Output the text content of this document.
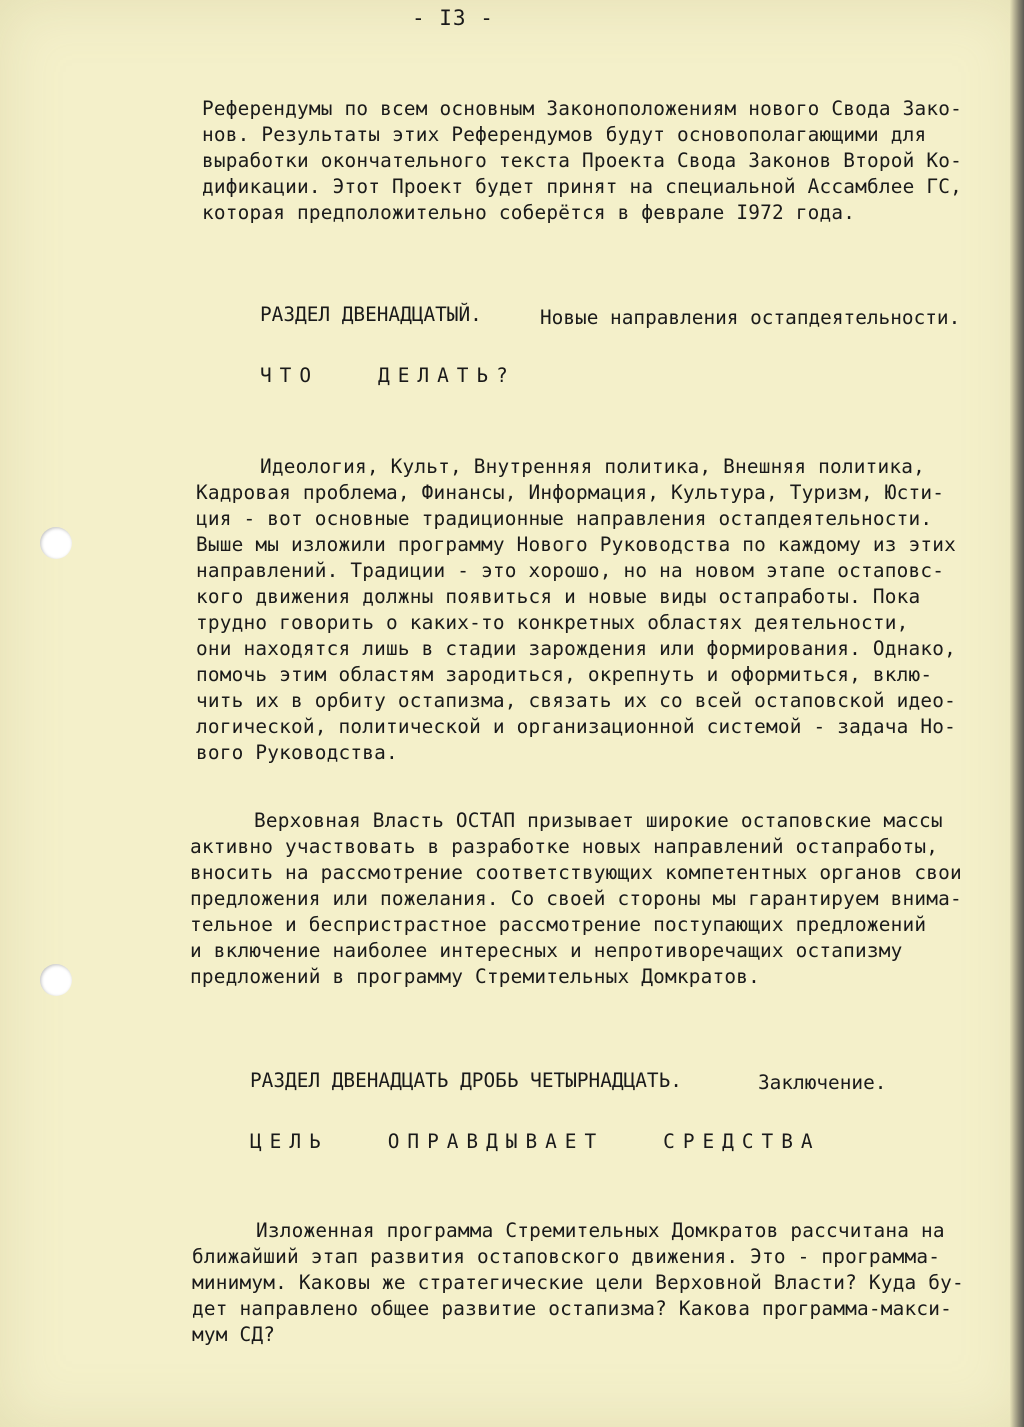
- I3 -
Референдумы по всем основным Законоположениям нового Свода Зако-
нов. Результаты этих Референдумов будут основополагающими для
выработки окончательного текста Проекта Свода Законов Второй Ко-
дификации. Этот Проект будет принят на специальной Ассамблее ГС,
которая предположительно соберётся в феврале I972 года.
РАЗДЕЛ ДВЕНАДЦАТЫЙ.	Новые направления остапдеятельности.
ЧТО   ДЕЛАТЬ?
Идеология, Культ, Внутренняя политика, Внешняя политика,
Кадровая проблема, Финансы, Информация, Культура, Туризм, Юсти-
ция - вот основные традиционные направления остапдеятельности.
Выше мы изложили программу Нового Руководства по каждому из этих
направлений. Традиции - это хорошо, но на новом этапе остаповс-
кого движения должны появиться и новые виды остапработы. Пока
трудно говорить о каких-то конкретных областях деятельности,
они находятся лишь в стадии зарождения или формирования. Однако,
помочь этим областям зародиться, окрепнуть и оформиться, вклю-
чить их в орбиту остапизма, связать их со всей остаповской идео-
логической, политической и организационной системой - задача Но-
вого Руководства.
Верховная Власть ОСТАП призывает широкие остаповские массы
активно участвовать в разработке новых направлений остапработы,
вносить на рассмотрение соответствующих компетентных органов свои
предложения или пожелания. Со своей стороны мы гарантируем внима-
тельное и беспристрастное рассмотрение поступающих предложений
и включение наиболее интересных и непротиворечащих остапизму
предложений в программу Стремительных Домкратов.
РАЗДЕЛ ДВЕНАДЦАТЬ ДРОБЬ ЧЕТЫРНАДЦАТЬ.	Заключение.
ЦЕЛЬ   ОПРАВДЫВАЕТ   СРЕДСТВА
Изложенная программа Стремительных Домкратов рассчитана на
ближайший этап развития остаповского движения. Это - программа-
минимум. Каковы же стратегические цели Верховной Власти? Куда бу-
дет направлено общее развитие остапизма? Какова программа-макси-
мум СД?
